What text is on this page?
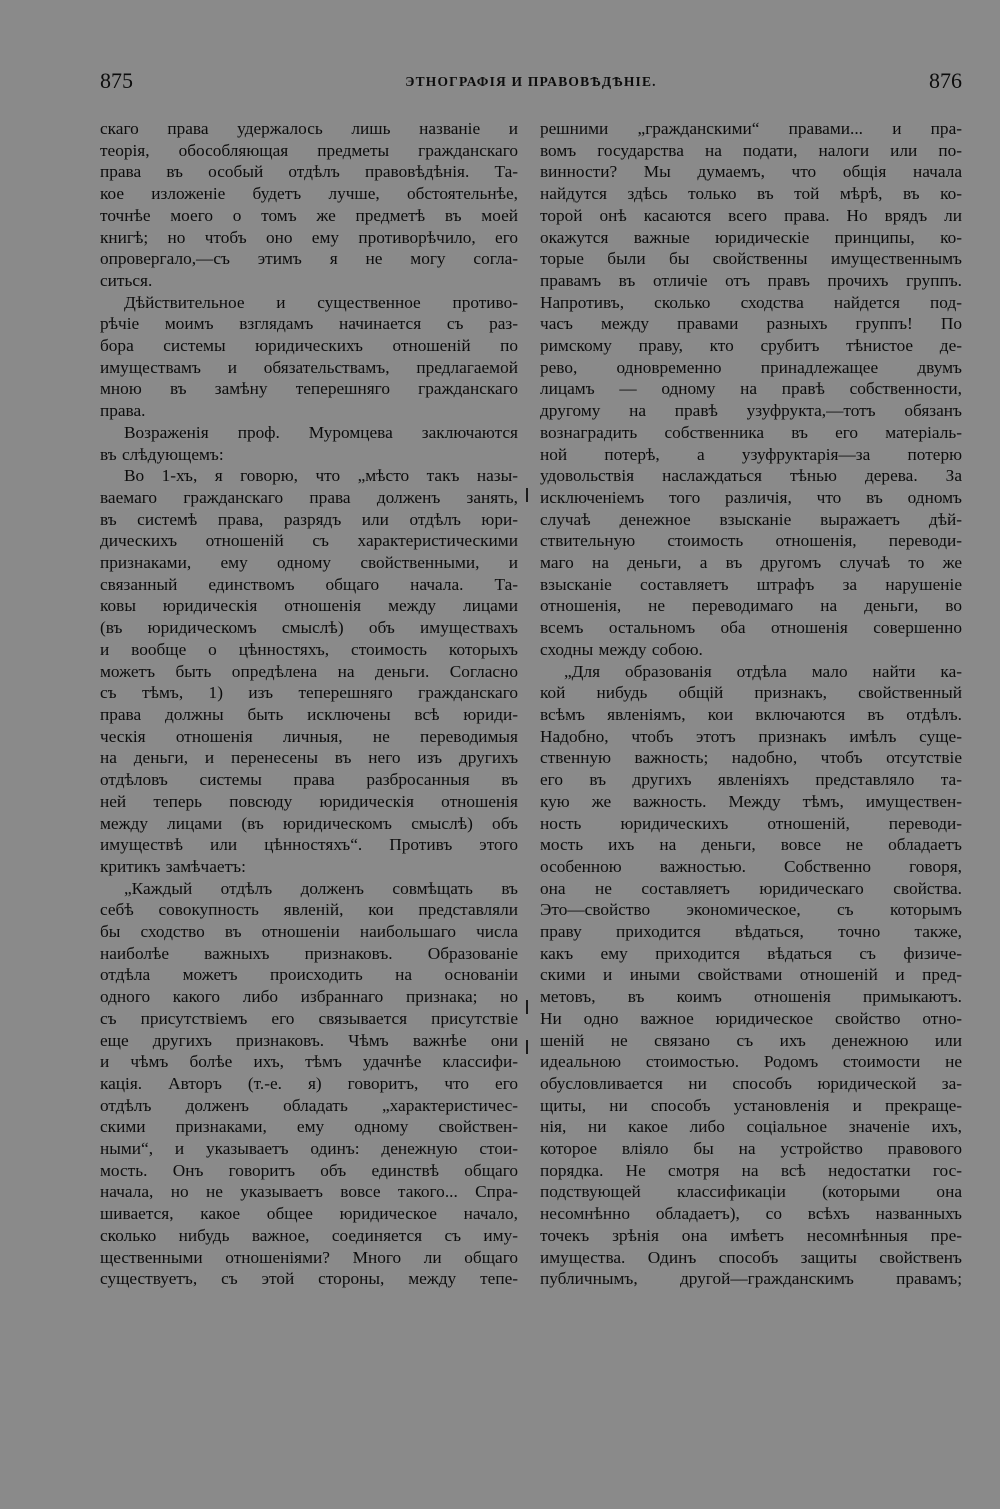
875	ЭТНОГРАФІЯ И ПРАВОВѢДѢНІЕ.	876
скаго права удержалось лишь названіе и
теорія, обособляющая предметы гражданскаго
права въ особый отдѣлъ правовѣдѣнія. Та-
кое изложеніе будетъ лучше, обстоятельнѣе,
точнѣе моего о томъ же предметѣ въ моей
книгѣ; но чтобъ оно ему противорѣчило, его
опровергало,—съ этимъ я не могу согла-
ситься.
Дѣйствительное и существенное противо-
рѣчіе моимъ взглядамъ начинается съ раз-
бора системы юридическихъ отношеній по
имуществамъ и обязательствамъ, предлагаемой
мною въ замѣну теперешняго гражданскаго
права.
Возраженія проф. Муромцева заключаются
въ слѣдующемъ:
Во 1-хъ, я говорю, что „мѣсто такъ назы-
ваемаго гражданскаго права долженъ занять,
въ системѣ права, разрядъ или отдѣлъ юри-
дическихъ отношеній съ характеристическими
признаками, ему одному свойственными, и
связанный единствомъ общаго начала. Та-
ковы юридическія отношенія между лицами
(въ юридическомъ смыслѣ) объ имуществахъ
и вообще о цѣнностяхъ, стоимость которыхъ
можетъ быть опредѣлена на деньги. Согласно
съ тѣмъ, 1) изъ теперешняго гражданскаго
права должны быть исключены всѣ юриди-
ческія отношенія личныя, не переводимыя
на деньги, и перенесены въ него изъ другихъ
отдѣловъ системы права разбросанныя въ
ней теперь повсюду юридическія отношенія
между лицами (въ юридическомъ смыслѣ) объ
имуществѣ или цѣнностяхъ“. Противъ этого
критикъ замѣчаетъ:
„Каждый отдѣлъ долженъ совмѣщать въ
себѣ совокупность явленій, кои представляли
бы сходство въ отношеніи наибольшаго числа
наиболѣе важныхъ признаковъ. Образованіе
отдѣла можетъ происходить на основаніи
одного какого либо избраннаго признака; но
съ присутствіемъ его связывается присутствіе
еще другихъ признаковъ. Чѣмъ важнѣе они
и чѣмъ болѣе ихъ, тѣмъ удачнѣе классифи-
кація. Авторъ (т.-е. я) говоритъ, что его
отдѣлъ долженъ обладать „характеристичес-
скими признаками, ему одному свойствен-
ными“, и указываетъ одинъ: денежную стои-
мость. Онъ говоритъ объ единствѣ общаго
начала, но не указываетъ вовсе такого... Спра-
шивается, какое общее юридическое начало,
сколько нибудь важное, соединяется съ иму-
щественными отношеніями? Много ли общаго
существуетъ, съ этой стороны, между тепе-
решними „гражданскими“ правами... и пра-
вомъ государства на подати, налоги или по-
винности? Мы думаемъ, что общія начала
найдутся здѣсь только въ той мѣрѣ, въ ко-
торой онѣ касаются всего права. Но врядъ ли
окажутся важные юридическіе принципы, ко-
торые были бы свойственны имущественнымъ
правамъ въ отличіе отъ правъ прочихъ группъ.
Напротивъ, сколько сходства найдется под-
часъ между правами разныхъ группъ! По
римскому праву, кто срубитъ тѣнистое де-
рево, одновременно принадлежащее двумъ
лицамъ — одному на правѣ собственности,
другому на правѣ узуфрукта,—тотъ обязанъ
вознаградить собственника въ его матеріаль-
ной потерѣ, а узуфруктарія—за потерю
удовольствія наслаждаться тѣнью дерева. За
исключеніемъ того различія, что въ одномъ
случаѣ денежное взысканіе выражаетъ дѣй-
ствительную стоимость отношенія, переводи-
маго на деньги, а въ другомъ случаѣ то же
взысканіе составляетъ штрафъ за нарушеніе
отношенія, не переводимаго на деньги, во
всемъ остальномъ оба отношенія совершенно
сходны между собою.
„Для образованія отдѣла мало найти ка-
кой нибудь общій признакъ, свойственный
всѣмъ явленіямъ, кои включаются въ отдѣлъ.
Надобно, чтобъ этотъ признакъ имѣлъ суще-
ственную важность; надобно, чтобъ отсутствіе
его въ другихъ явленіяхъ представляло та-
кую же важность. Между тѣмъ, имуществен-
ность юридическихъ отношеній, переводи-
мость ихъ на деньги, вовсе не обладаетъ
особенною важностью. Собственно говоря,
она не составляетъ юридическаго свойства.
Это—свойство экономическое, съ которымъ
праву приходится вѣдаться, точно также,
какъ ему приходится вѣдаться съ физиче-
скими и иными свойствами отношеній и пред-
метовъ, въ коимъ отношенія примыкаютъ.
Ни одно важное юридическое свойство отно-
шеній не связано съ ихъ денежною или
идеальною стоимостью. Родомъ стоимости не
обусловливается ни способъ юридической за-
щиты, ни способъ установленія и прекраще-
нія, ни какое либо соціальное значеніе ихъ,
которое вліяло бы на устройство правового
порядка. Не смотря на всѣ недостатки гос-
подствующей классификаціи (которыми она
несомнѣнно обладаетъ), со всѣхъ названныхъ
точекъ зрѣнія она имѣетъ несомнѣнныя пре-
имущества. Одинъ способъ защиты свойственъ
публичнымъ, другой—гражданскимъ правамъ;
